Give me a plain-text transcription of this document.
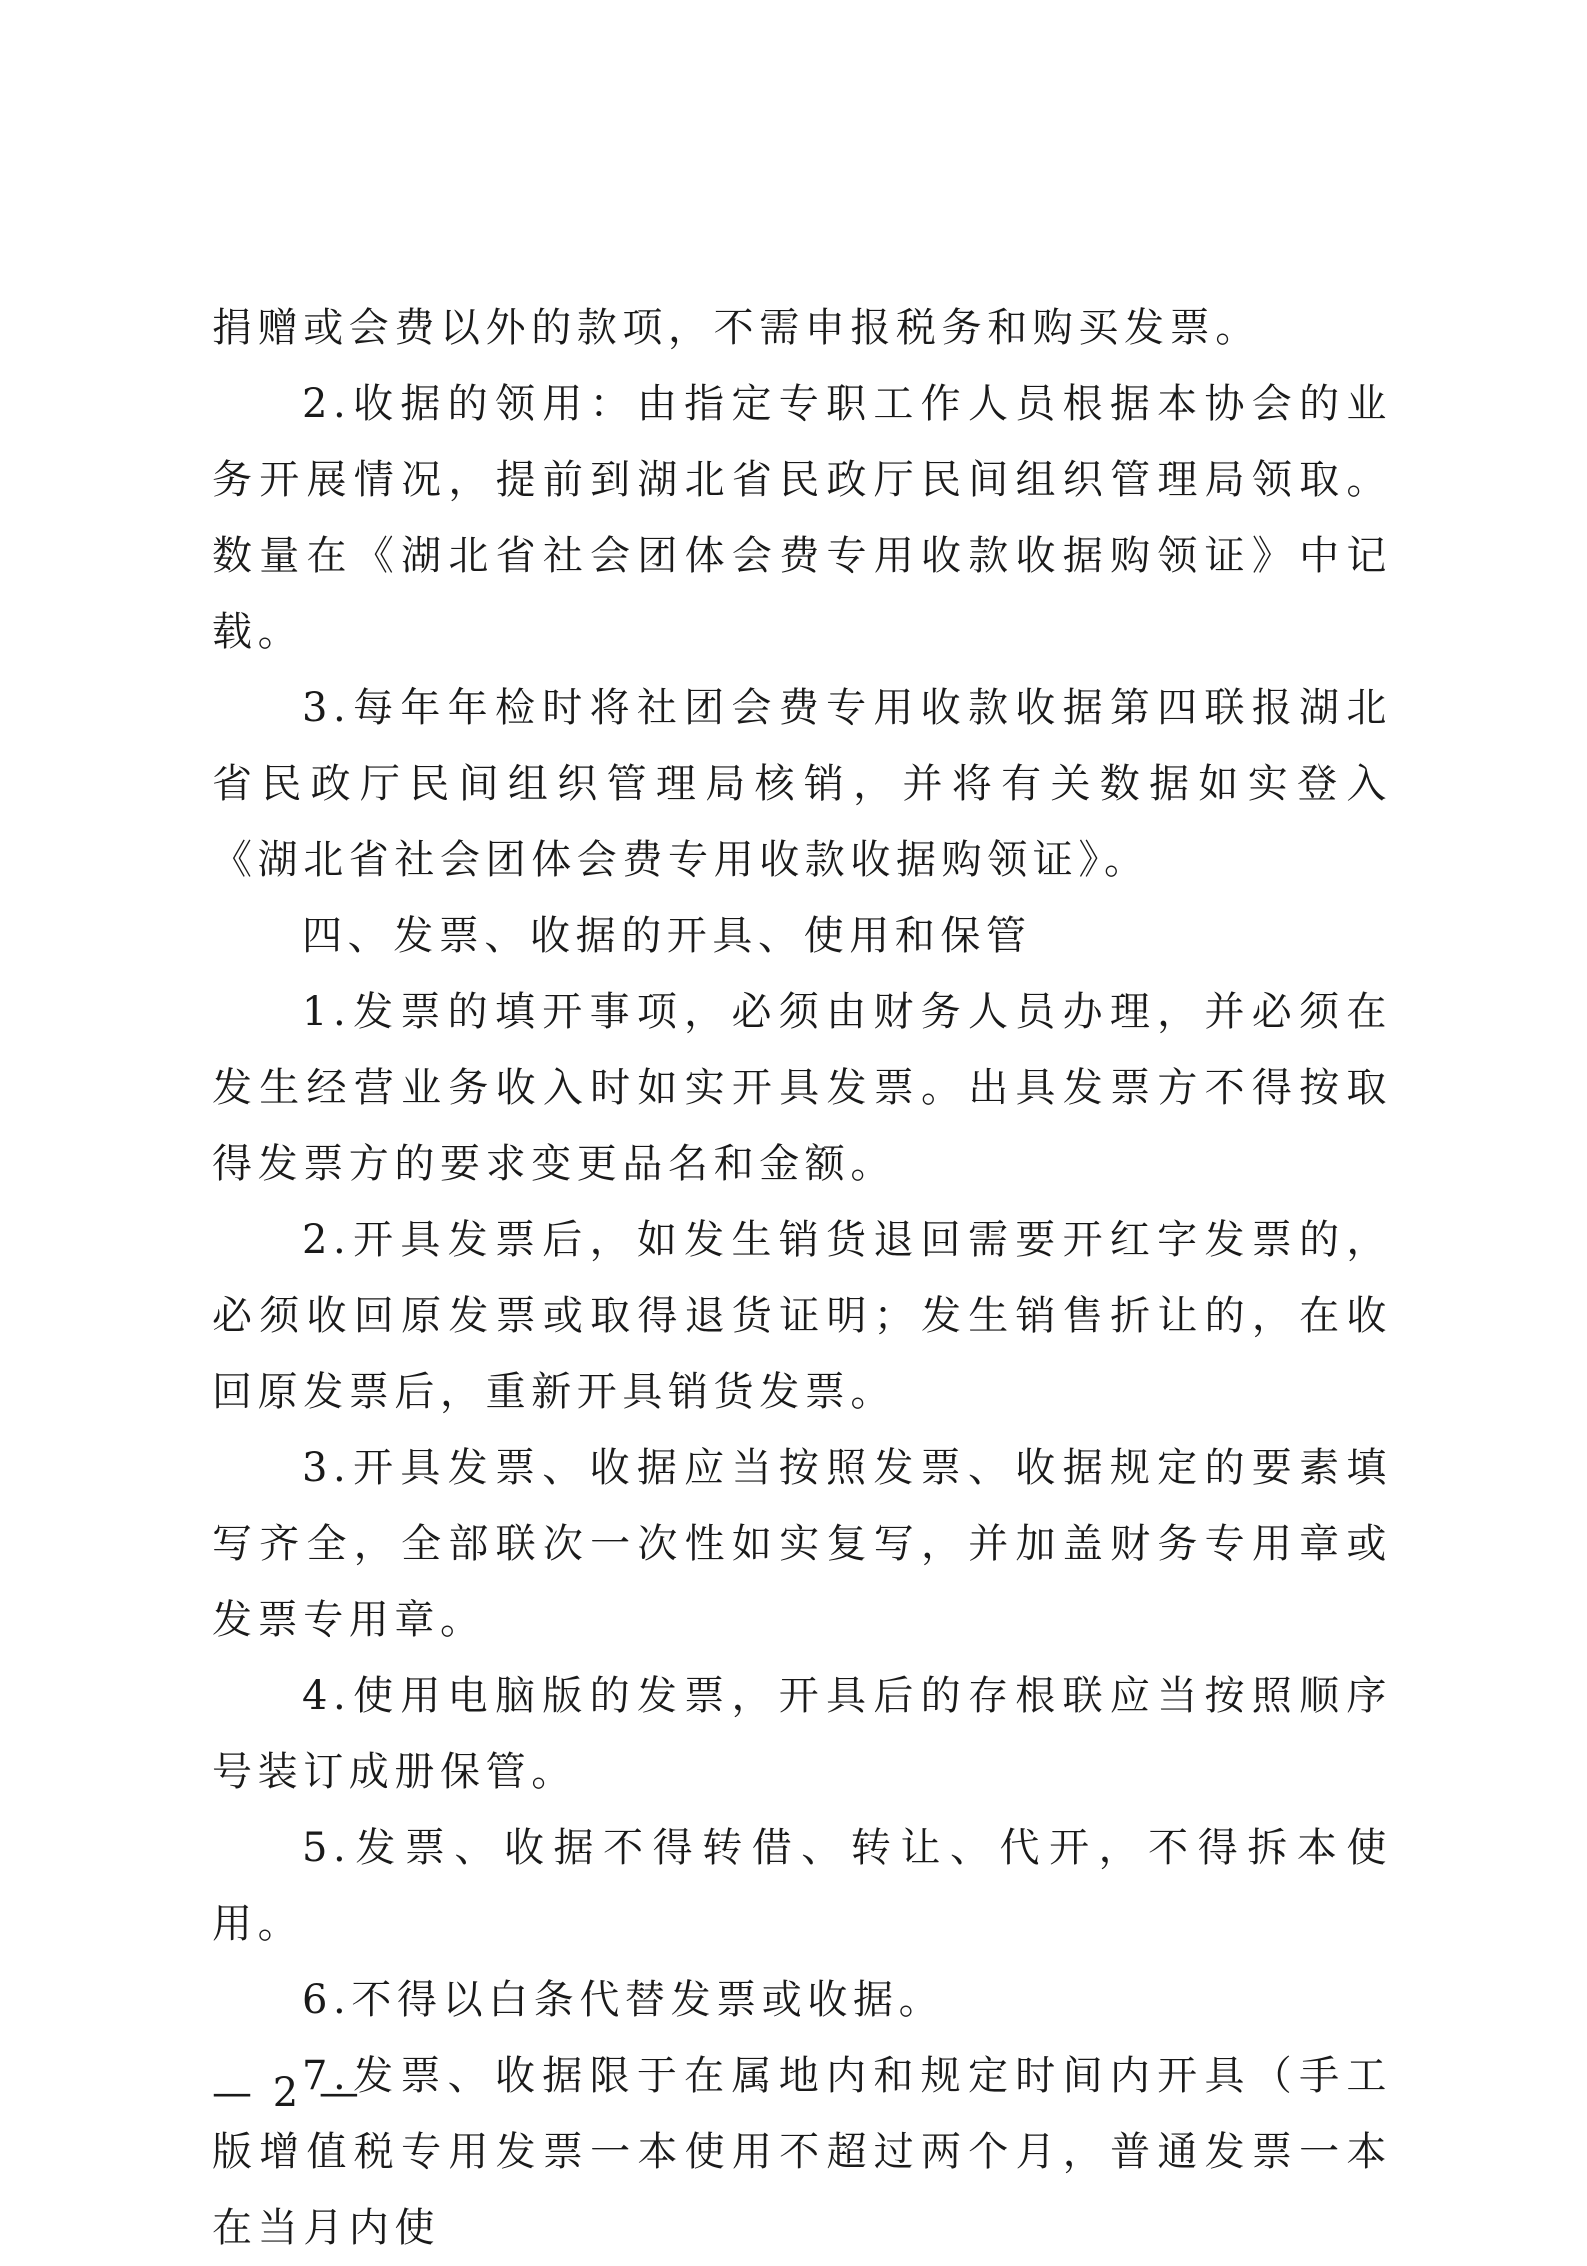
捐赠或会费以外的款项，不需申报税务和购买发票。

2.收据的领用：由指定专职工作人员根据本协会的业务开展情况，提前到湖北省民政厅民间组织管理局领取。数量在《湖北省社会团体会费专用收款收据购领证》中记载。

3.每年年检时将社团会费专用收款收据第四联报湖北省民政厅民间组织管理局核销，并将有关数据如实登入《湖北省社会团体会费专用收款收据购领证》。

四、发票、收据的开具、使用和保管

1.发票的填开事项，必须由财务人员办理，并必须在发生经营业务收入时如实开具发票。出具发票方不得按取得发票方的要求变更品名和金额。

2.开具发票后，如发生销货退回需要开红字发票的，必须收回原发票或取得退货证明；发生销售折让的，在收回原发票后，重新开具销货发票。

3.开具发票、收据应当按照发票、收据规定的要素填写齐全，全部联次一次性如实复写，并加盖财务专用章或发票专用章。

4.使用电脑版的发票，开具后的存根联应当按照顺序号装订成册保管。

5.发票、收据不得转借、转让、代开，不得拆本使用。

6.不得以白条代替发票或收据。

7.发票、收据限于在属地内和规定时间内开具（手工版增值税专用发票一本使用不超过两个月，普通发票一本在当月内使

— 2 —
